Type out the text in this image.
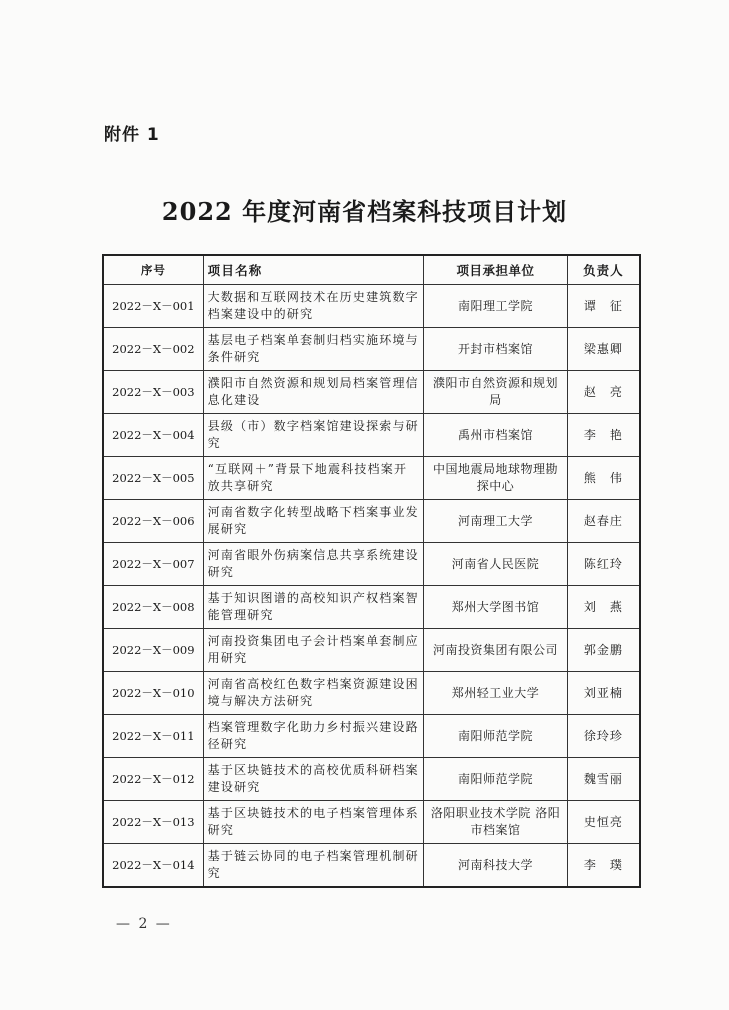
附件 1
2022 年度河南省档案科技项目计划
序号	项目名称	项目承担单位	负责人
2022－X－001	大数据和互联网技术在历史建筑数字档案建设中的研究	南阳理工学院	谭　征
2022－X－002	基层电子档案单套制归档实施环境与条件研究	开封市档案馆	梁惠卿
2022－X－003	濮阳市自然资源和规划局档案管理信息化建设	濮阳市自然资源和规划局	赵　亮
2022－X－004	县级（市）数字档案馆建设探索与研究	禹州市档案馆	李　艳
2022－X－005	“互联网＋”背景下地震科技档案开放共享研究	中国地震局地球物理勘探中心	熊　伟
2022－X－006	河南省数字化转型战略下档案事业发展研究	河南理工大学	赵春庄
2022－X－007	河南省眼外伤病案信息共享系统建设研究	河南省人民医院	陈红玲
2022－X－008	基于知识图谱的高校知识产权档案智能管理研究	郑州大学图书馆	刘　燕
2022－X－009	河南投资集团电子会计档案单套制应用研究	河南投资集团有限公司	郭金鹏
2022－X－010	河南省高校红色数字档案资源建设困境与解决方法研究	郑州轻工业大学	刘亚楠
2022－X－011	档案管理数字化助力乡村振兴建设路径研究	南阳师范学院	徐玲珍
2022－X－012	基于区块链技术的高校优质科研档案建设研究	南阳师范学院	魏雪丽
2022－X－013	基于区块链技术的电子档案管理体系研究	洛阳职业技术学院 洛阳市档案馆	史恒亮
2022－X－014	基于链云协同的电子档案管理机制研究	河南科技大学	李　璞
— 2 —
